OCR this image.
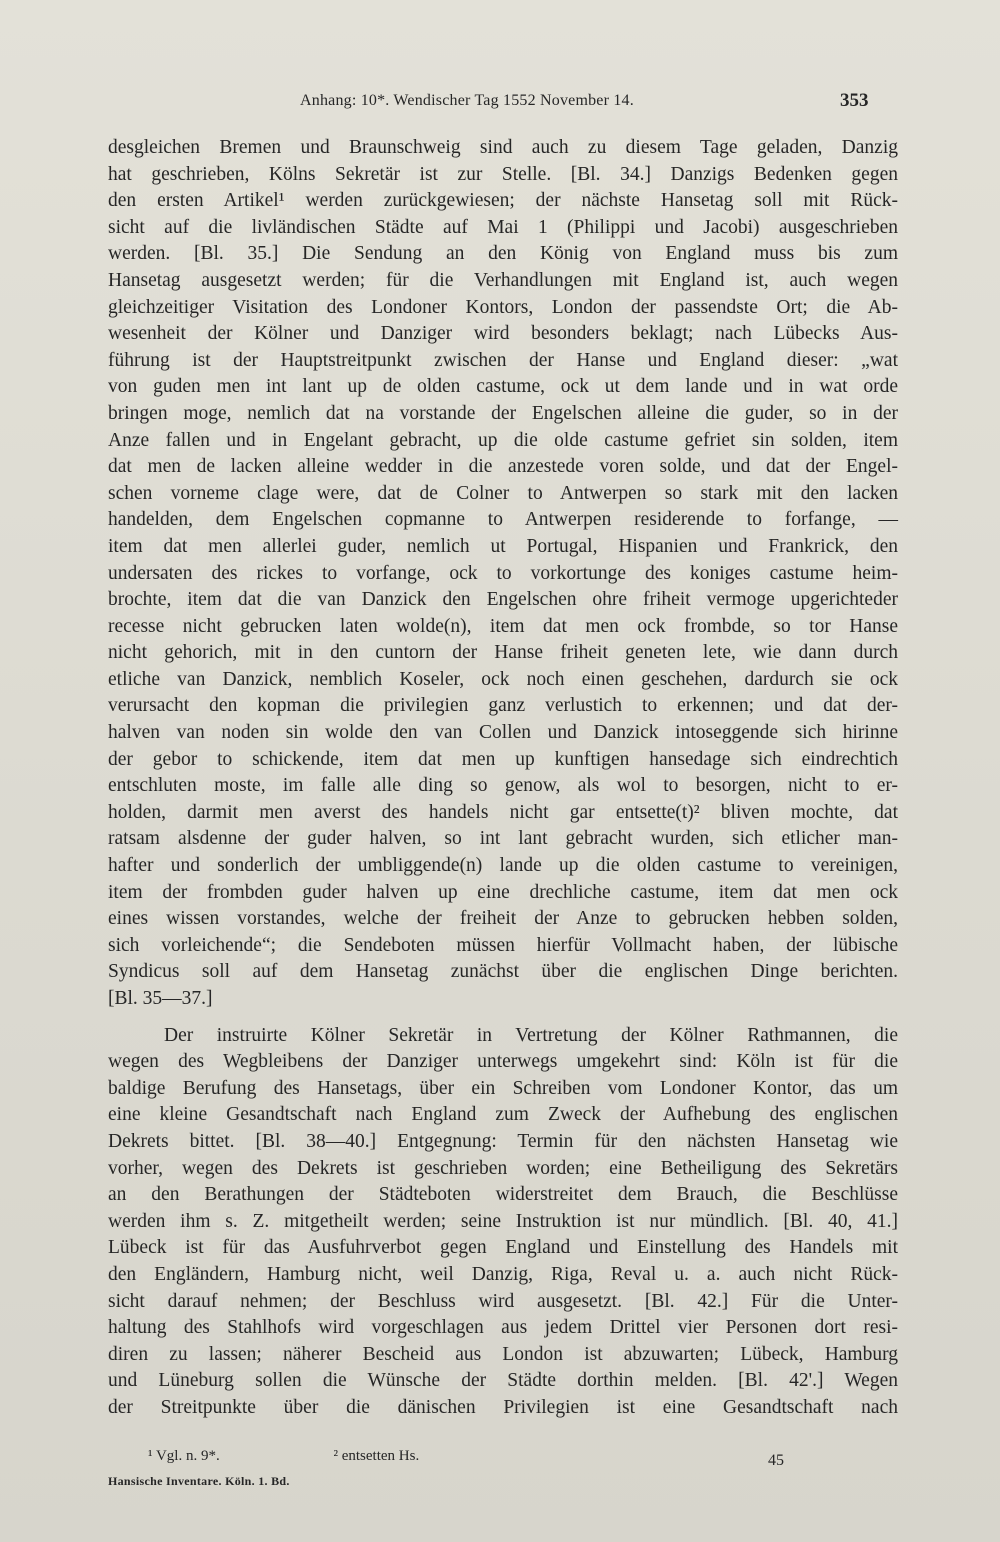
Anhang: 10*. Wendischer Tag 1552 November 14.	353
desgleichen Bremen und Braunschweig sind auch zu diesem Tage geladen, Danzig
hat geschrieben, Kölns Sekretär ist zur Stelle. [Bl. 34.] Danzigs Bedenken gegen
den ersten Artikel¹ werden zurückgewiesen; der nächste Hansetag soll mit Rück-
sicht auf die livländischen Städte auf Mai 1 (Philippi und Jacobi) ausgeschrieben
werden. [Bl. 35.] Die Sendung an den König von England muss bis zum
Hansetag ausgesetzt werden; für die Verhandlungen mit England ist, auch wegen
gleichzeitiger Visitation des Londoner Kontors, London der passendste Ort; die Ab-
wesenheit der Kölner und Danziger wird besonders beklagt; nach Lübecks Aus-
führung ist der Hauptstreitpunkt zwischen der Hanse und England dieser: „wat
von guden men int lant up de olden castume, ock ut dem lande und in wat orde
bringen moge, nemlich dat na vorstande der Engelschen alleine die guder, so in der
Anze fallen und in Engelant gebracht, up die olde castume gefriet sin solden, item
dat men de lacken alleine wedder in die anzestede voren solde, und dat der Engel-
schen vorneme clage were, dat de Colner to Antwerpen so stark mit den lacken
handelden, dem Engelschen copmanne to Antwerpen residerende to forfange, —
item dat men allerlei guder, nemlich ut Portugal, Hispanien und Frankrick, den
undersaten des rickes to vorfange, ock to vorkortunge des koniges castume heim-
brochte, item dat die van Danzick den Engelschen ohre friheit vermoge upgerichteder
recesse nicht gebrucken laten wolde(n), item dat men ock frombde, so tor Hanse
nicht gehorich, mit in den cuntorn der Hanse friheit geneten lete, wie dann durch
etliche van Danzick, nemblich Koseler, ock noch einen geschehen, dardurch sie ock
verursacht den kopman die privilegien ganz verlustich to erkennen; und dat der-
halven van noden sin wolde den van Collen und Danzick intoseggende sich hirinne
der gebor to schickende, item dat men up kunftigen hansedage sich eindrechtich
entschluten moste, im falle alle ding so genow, als wol to besorgen, nicht to er-
holden, darmit men averst des handels nicht gar entsette(t)² bliven mochte, dat
ratsam alsdenne der guder halven, so int lant gebracht wurden, sich etlicher man-
hafter und sonderlich der umbliggende(n) lande up die olden castume to vereinigen,
item der frombden guder halven up eine drechliche castume, item dat men ock
eines wissen vorstandes, welche der freiheit der Anze to gebrucken hebben solden,
sich vorleichende“; die Sendeboten müssen hierfür Vollmacht haben, der lübische
Syndicus soll auf dem Hansetag zunächst über die englischen Dinge berichten.
[Bl. 35—37.]
Der instruirte Kölner Sekretär in Vertretung der Kölner Rathmannen, die
wegen des Wegbleibens der Danziger unterwegs umgekehrt sind: Köln ist für die
baldige Berufung des Hansetags, über ein Schreiben vom Londoner Kontor, das um
eine kleine Gesandtschaft nach England zum Zweck der Aufhebung des englischen
Dekrets bittet. [Bl. 38—40.] Entgegnung: Termin für den nächsten Hansetag wie
vorher, wegen des Dekrets ist geschrieben worden; eine Betheiligung des Sekretärs
an den Berathungen der Städteboten widerstreitet dem Brauch, die Beschlüsse
werden ihm s. Z. mitgetheilt werden; seine Instruktion ist nur mündlich. [Bl. 40, 41.]
Lübeck ist für das Ausfuhrverbot gegen England und Einstellung des Handels mit
den Engländern, Hamburg nicht, weil Danzig, Riga, Reval u. a. auch nicht Rück-
sicht darauf nehmen; der Beschluss wird ausgesetzt. [Bl. 42.] Für die Unter-
haltung des Stahlhofs wird vorgeschlagen aus jedem Drittel vier Personen dort resi-
diren zu lassen; näherer Bescheid aus London ist abzuwarten; Lübeck, Hamburg
und Lüneburg sollen die Wünsche der Städte dorthin melden. [Bl. 42'.] Wegen
der Streitpunkte über die dänischen Privilegien ist eine Gesandtschaft nach
¹ Vgl. n. 9*.	² entsetten Hs.	45
Hansische Inventare. Köln. 1. Bd.
